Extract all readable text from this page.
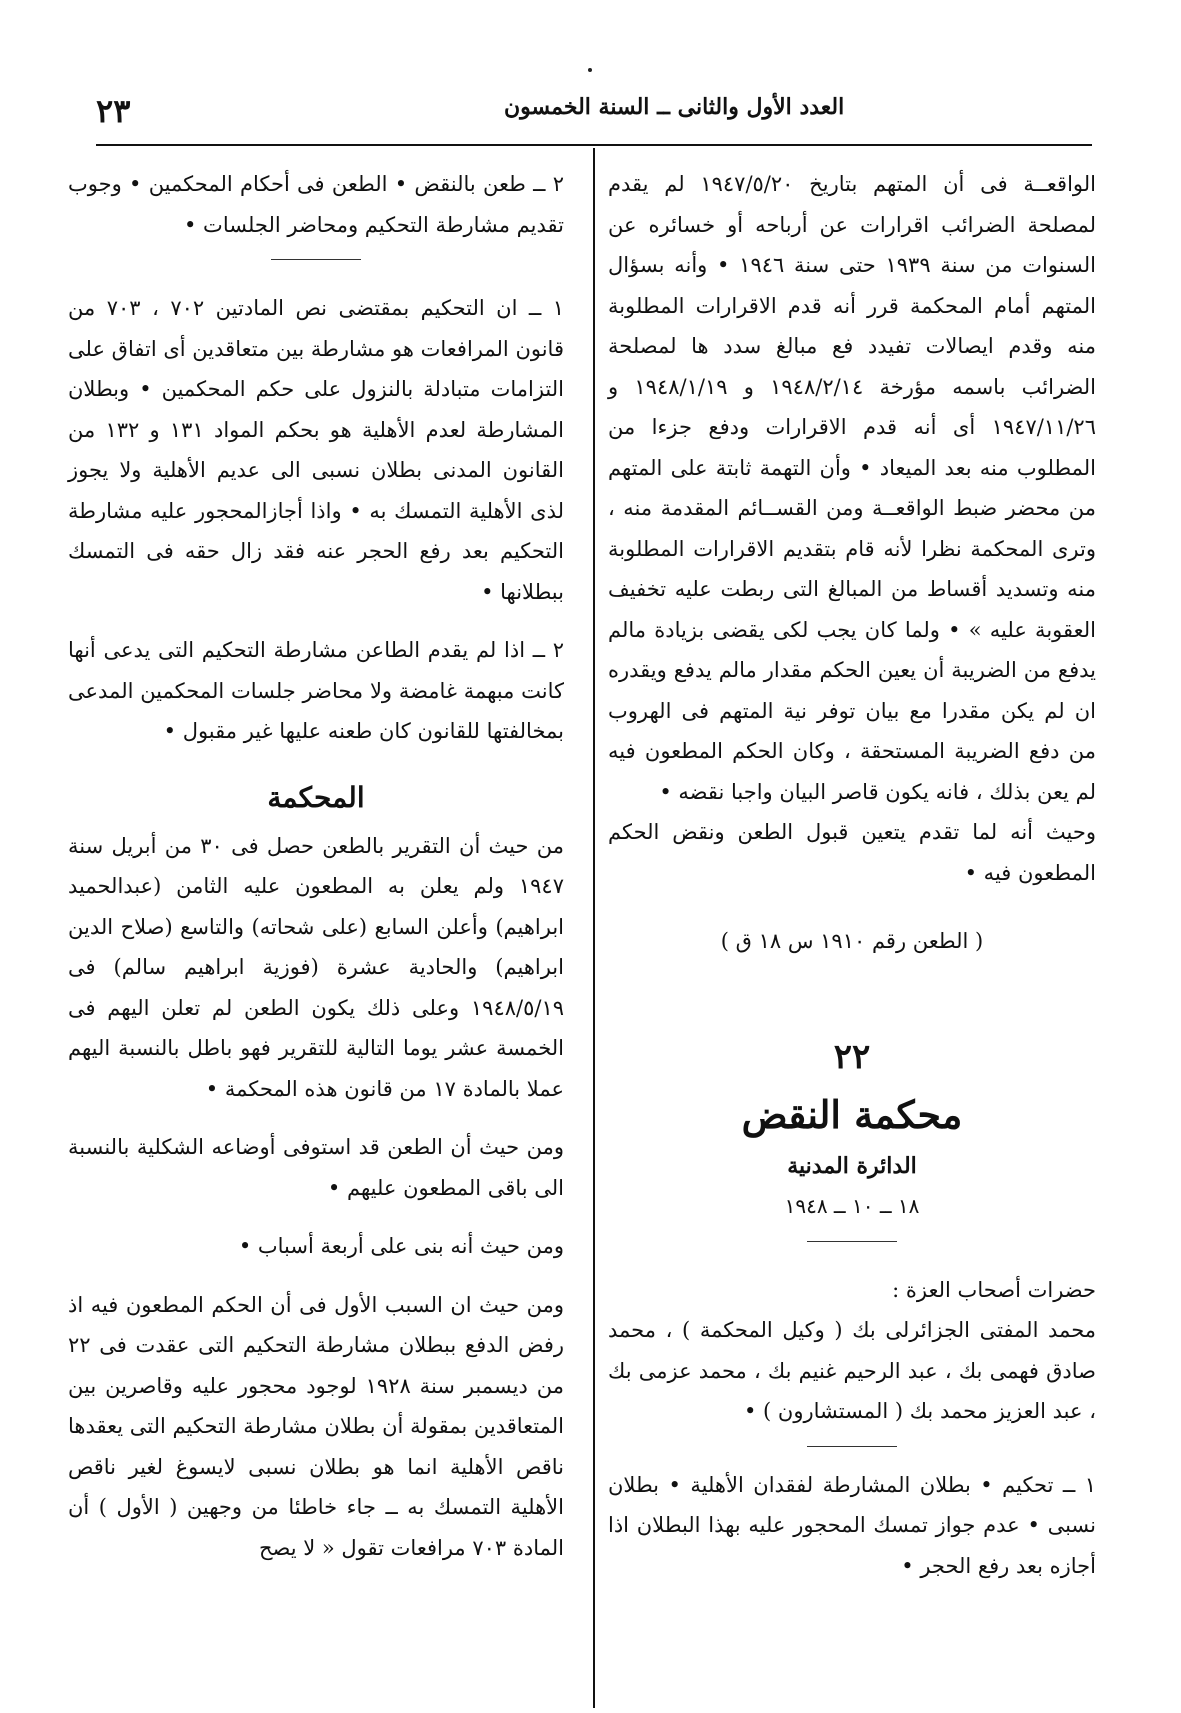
٢٣	العدد الأول والثانى ــ السنة الخمسون

الواقعــة فى أن المتهم بتاريخ ١٩٤٧/٥/٢٠ لم يقدم لمصلحة الضرائب اقرارات عن أرباحه أو خسائره عن السنوات من سنة ١٩٣٩ حتى سنة ١٩٤٦ • وأنه بسؤال المتهم أمام المحكمة قرر أنه قدم الاقرارات المطلوبة منه وقدم ايصالات تفيدد فع مبالغ سدد ها لمصلحة الضرائب باسمه مؤرخة ١٩٤٨/٢/١٤ و ١٩٤٨/١/١٩ و ١٩٤٧/١١/٢٦ أى أنه قدم الاقرارات ودفع جزءا من المطلوب منه بعد الميعاد • وأن التهمة ثابتة على المتهم من محضر ضبط الواقعــة ومن القســائم المقدمة منه ، وترى المحكمة نظرا لأنه قام بتقديم الاقرارات المطلوبة منه وتسديد أقساط من المبالغ التى ربطت عليه تخفيف العقوبة عليه » • ولما كان يجب لكى يقضى بزيادة مالم يدفع من الضريبة أن يعين الحكم مقدار مالم يدفع ويقدره ان لم يكن مقدرا مع بيان توفر نية المتهم فى الهروب من دفع الضريبة المستحقة ، وكان الحكم المطعون فيه لم يعن بذلك ، فانه يكون قاصر البيان واجبا نقضه •

وحيث أنه لما تقدم يتعين قبول الطعن ونقض الحكم المطعون فيه •

( الطعن رقم ١٩١٠ س ١٨ ق )

٢٢

محكمة النقض

الدائرة المدنية

١٨ ــ ١٠ ــ ١٩٤٨

حضرات أصحاب العزة :

محمد المفتى الجزائرلى بك ( وكيل المحكمة ) ، محمد صادق فهمى بك ، عبد الرحيم غنيم بك ، محمد عزمى بك ، عبد العزيز محمد بك ( المستشارون ) •

١ ــ تحكيم • بطلان المشارطة لفقدان الأهلية • بطلان نسبى • عدم جواز تمسك المحجور عليه بهذا البطلان اذا أجازه بعد رفع الحجر •

٢ ــ طعن بالنقض • الطعن فى أحكام المحكمين • وجوب تقديم مشارطة التحكيم ومحاضر الجلسات •

١ ــ ان التحكيم بمقتضى نص المادتين ٧٠٢ ، ٧٠٣ من قانون المرافعات هو مشارطة بين متعاقدين أى اتفاق على التزامات متبادلة بالنزول على حكم المحكمين • وبطلان المشارطة لعدم الأهلية هو بحكم المواد ١٣١ و ١٣٢ من القانون المدنى بطلان نسبى الى عديم الأهلية ولا يجوز لذى الأهلية التمسك به • واذا أجازالمحجور عليه مشارطة التحكيم بعد رفع الحجر عنه فقد زال حقه فى التمسك ببطلانها •

٢ ــ اذا لم يقدم الطاعن مشارطة التحكيم التى يدعى أنها كانت مبهمة غامضة ولا محاضر جلسات المحكمين المدعى بمخالفتها للقانون كان طعنه عليها غير مقبول •

المحكمة

من حيث أن التقرير بالطعن حصل فى ٣٠ من أبريل سنة ١٩٤٧ ولم يعلن به المطعون عليه الثامن (عبدالحميد ابراهيم) وأعلن السابع (على شحاته) والتاسع (صلاح الدين ابراهيم) والحادية عشرة (فوزية ابراهيم سالم) فى ١٩٤٨/٥/١٩ وعلى ذلك يكون الطعن لم تعلن اليهم فى الخمسة عشر يوما التالية للتقرير فهو باطل بالنسبة اليهم عملا بالمادة ١٧ من قانون هذه المحكمة •

ومن حيث أن الطعن قد استوفى أوضاعه الشكلية بالنسبة الى باقى المطعون عليهم •

ومن حيث أنه بنى على أربعة أسباب •

ومن حيث ان السبب الأول فى أن الحكم المطعون فيه اذ رفض الدفع ببطلان مشارطة التحكيم التى عقدت فى ٢٢ من ديسمبر سنة ١٩٢٨ لوجود محجور عليه وقاصرين بين المتعاقدين بمقولة أن بطلان مشارطة التحكيم التى يعقدها ناقص الأهلية انما هو بطلان نسبى لايسوغ لغير ناقص الأهلية التمسك به ــ جاء خاطئا من وجهين ( الأول ) أن المادة ٧٠٣ مرافعات تقول « لا يصح
